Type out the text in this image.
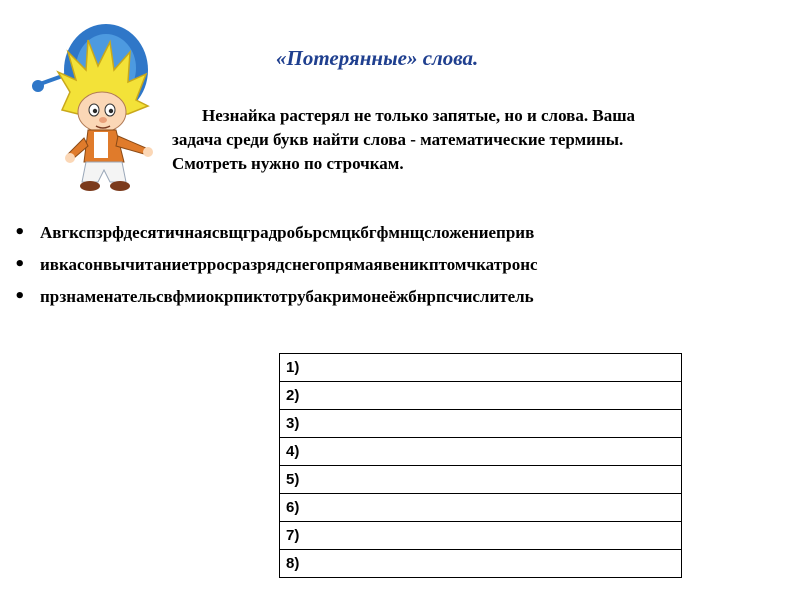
«Потерянные» слова.
Незнайка растерял не только запятые, но и слова. Ваша
задача среди букв найти слова - математические термины.
Смотреть нужно по строчкам.
• Авгкспзрфдесятичнаясвщградробьрсмцкбгфмнщсложениеприв
• ивкасонвычитаниетрросразрядснегопрямаявеникптомчкатронс
• прзнаменательсвфмиокрпиктотрубакримонеёжбнрпсчислитель
1)
2)
3)
4)
5)
6)
7)
8)
